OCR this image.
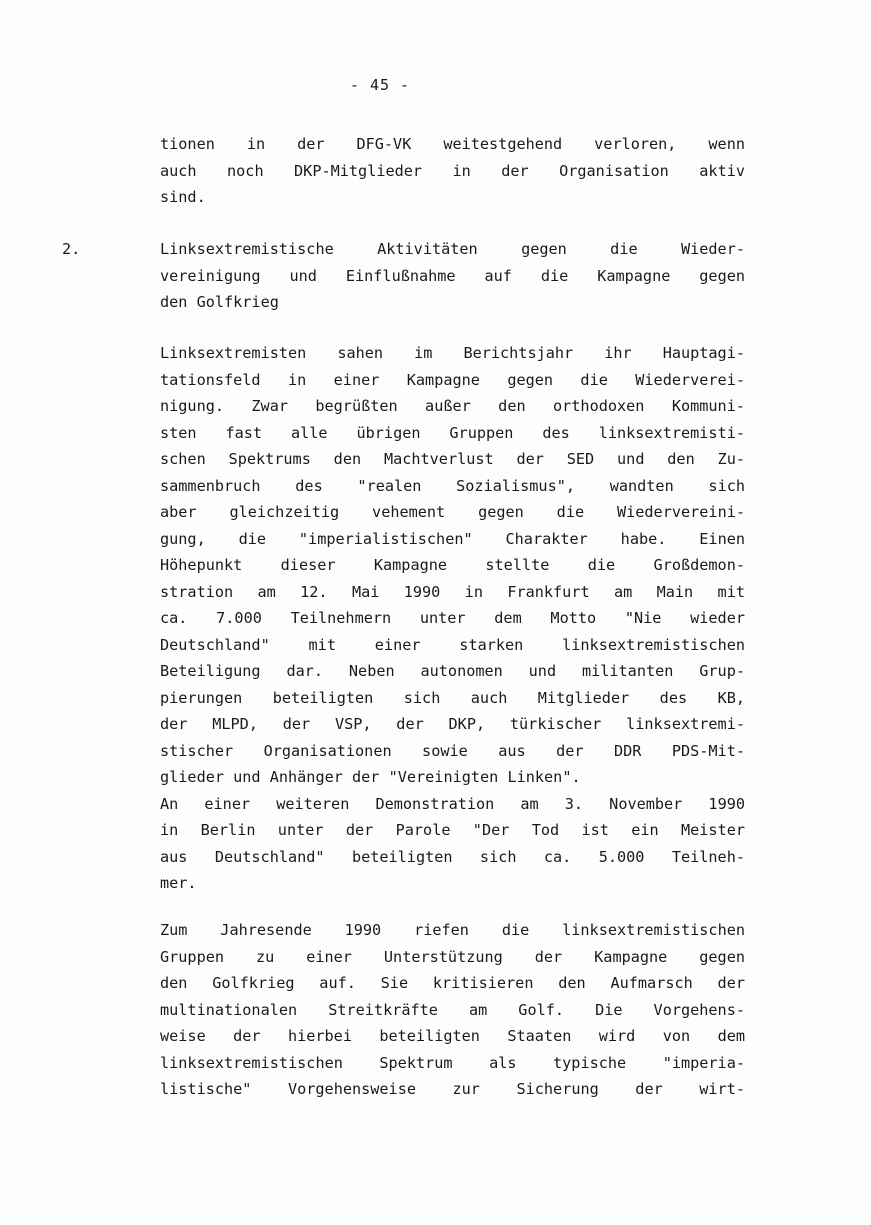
- 45 -
tionen in der DFG-VK weitestgehend verloren, wenn
auch noch DKP-Mitglieder in der Organisation aktiv
sind.
2.	Linksextremistische Aktivitäten gegen die Wieder-
vereinigung und Einflußnahme auf die Kampagne gegen
den Golfkrieg
Linksextremisten sahen im Berichtsjahr ihr Hauptagi-
tationsfeld in einer Kampagne gegen die Wiederverei-
nigung. Zwar begrüßten außer den orthodoxen Kommuni-
sten fast alle übrigen Gruppen des linksextremisti-
schen Spektrums den Machtverlust der SED und den Zu-
sammenbruch des "realen Sozialismus", wandten sich
aber gleichzeitig vehement gegen die Wiedervereini-
gung, die "imperialistischen" Charakter habe. Einen
Höhepunkt dieser Kampagne stellte die Großdemon-
stration am 12. Mai 1990 in Frankfurt am Main mit
ca. 7.000 Teilnehmern unter dem Motto "Nie wieder
Deutschland" mit einer starken linksextremistischen
Beteiligung dar. Neben autonomen und militanten Grup-
pierungen beteiligten sich auch Mitglieder des KB,
der MLPD, der VSP, der DKP, türkischer linksextremi-
stischer Organisationen sowie aus der DDR PDS-Mit-
glieder und Anhänger der "Vereinigten Linken".
An einer weiteren Demonstration am 3. November 1990
in Berlin unter der Parole "Der Tod ist ein Meister
aus Deutschland" beteiligten sich ca. 5.000 Teilneh-
mer.
Zum Jahresende 1990 riefen die linksextremistischen
Gruppen zu einer Unterstützung der Kampagne gegen
den Golfkrieg auf. Sie kritisieren den Aufmarsch der
multinationalen Streitkräfte am Golf. Die Vorgehens-
weise der hierbei beteiligten Staaten wird von dem
linksextremistischen Spektrum als typische "imperia-
listische" Vorgehensweise zur Sicherung der wirt-
